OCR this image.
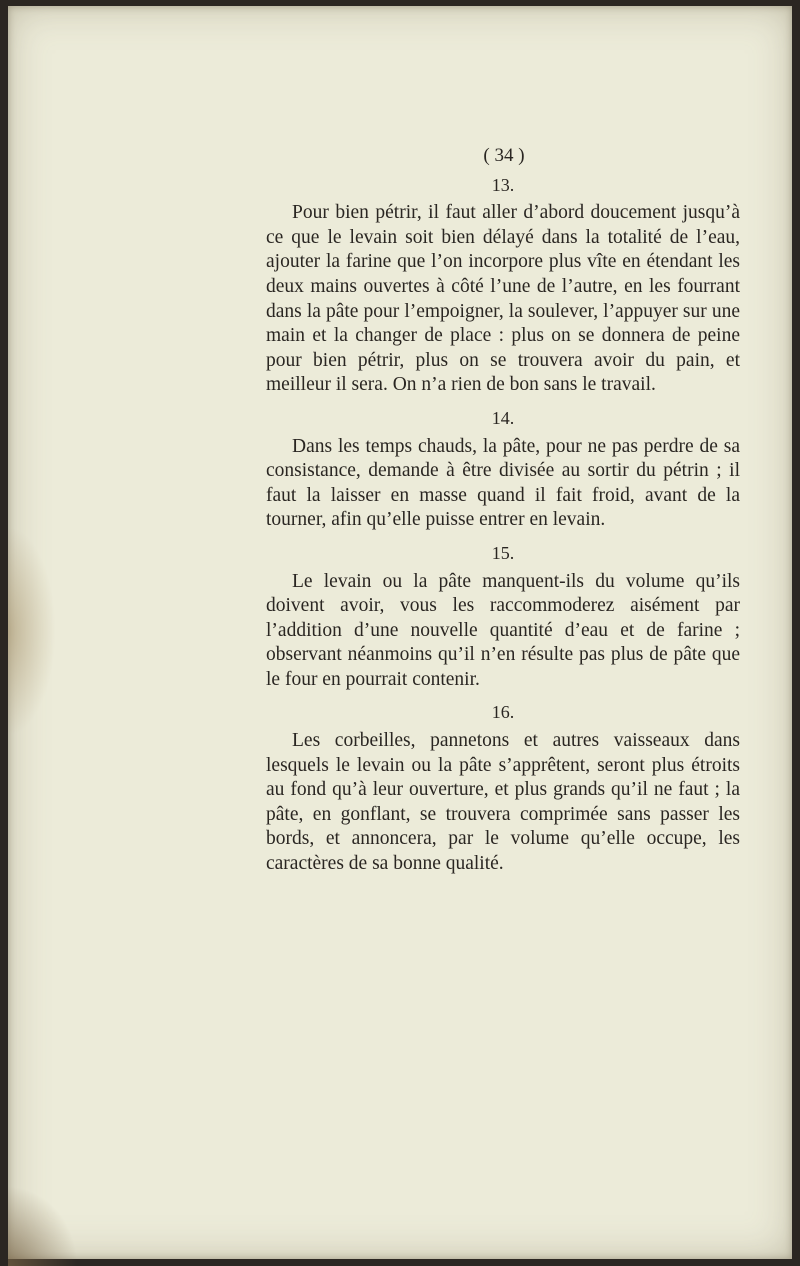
( 34 )
13.

Pour bien pétrir, il faut aller d’abord doucement jusqu’à ce que le levain soit bien délayé dans la totalité de l’eau, ajouter la farine que l’on incorpore plus vîte en étendant les deux mains ouvertes à côté l’une de l’autre, en les fourrant dans la pâte pour l’empoigner, la soulever, l’appuyer sur une main et la changer de place : plus on se donnera de peine pour bien pétrir, plus on se trouvera avoir du pain, et meilleur il sera. On n’a rien de bon sans le travail.

14.

Dans les temps chauds, la pâte, pour ne pas perdre de sa consistance, demande à être divisée au sortir du pétrin ; il faut la laisser en masse quand il fait froid, avant de la tourner, afin qu’elle puisse entrer en levain.

15.

Le levain ou la pâte manquent-ils du volume qu’ils doivent avoir, vous les raccommoderez aisément par l’addition d’une nouvelle quantité d’eau et de farine ; observant néanmoins qu’il n’en résulte pas plus de pâte que le four en pourrait contenir.

16.

Les corbeilles, pannetons et autres vaisseaux dans lesquels le levain ou la pâte s’apprêtent, seront plus étroits au fond qu’à leur ouverture, et plus grands qu’il ne faut ; la pâte, en gonflant, se trouvera comprimée sans passer les bords, et annoncera, par le volume qu’elle occupe, les caractères de sa bonne qualité.
